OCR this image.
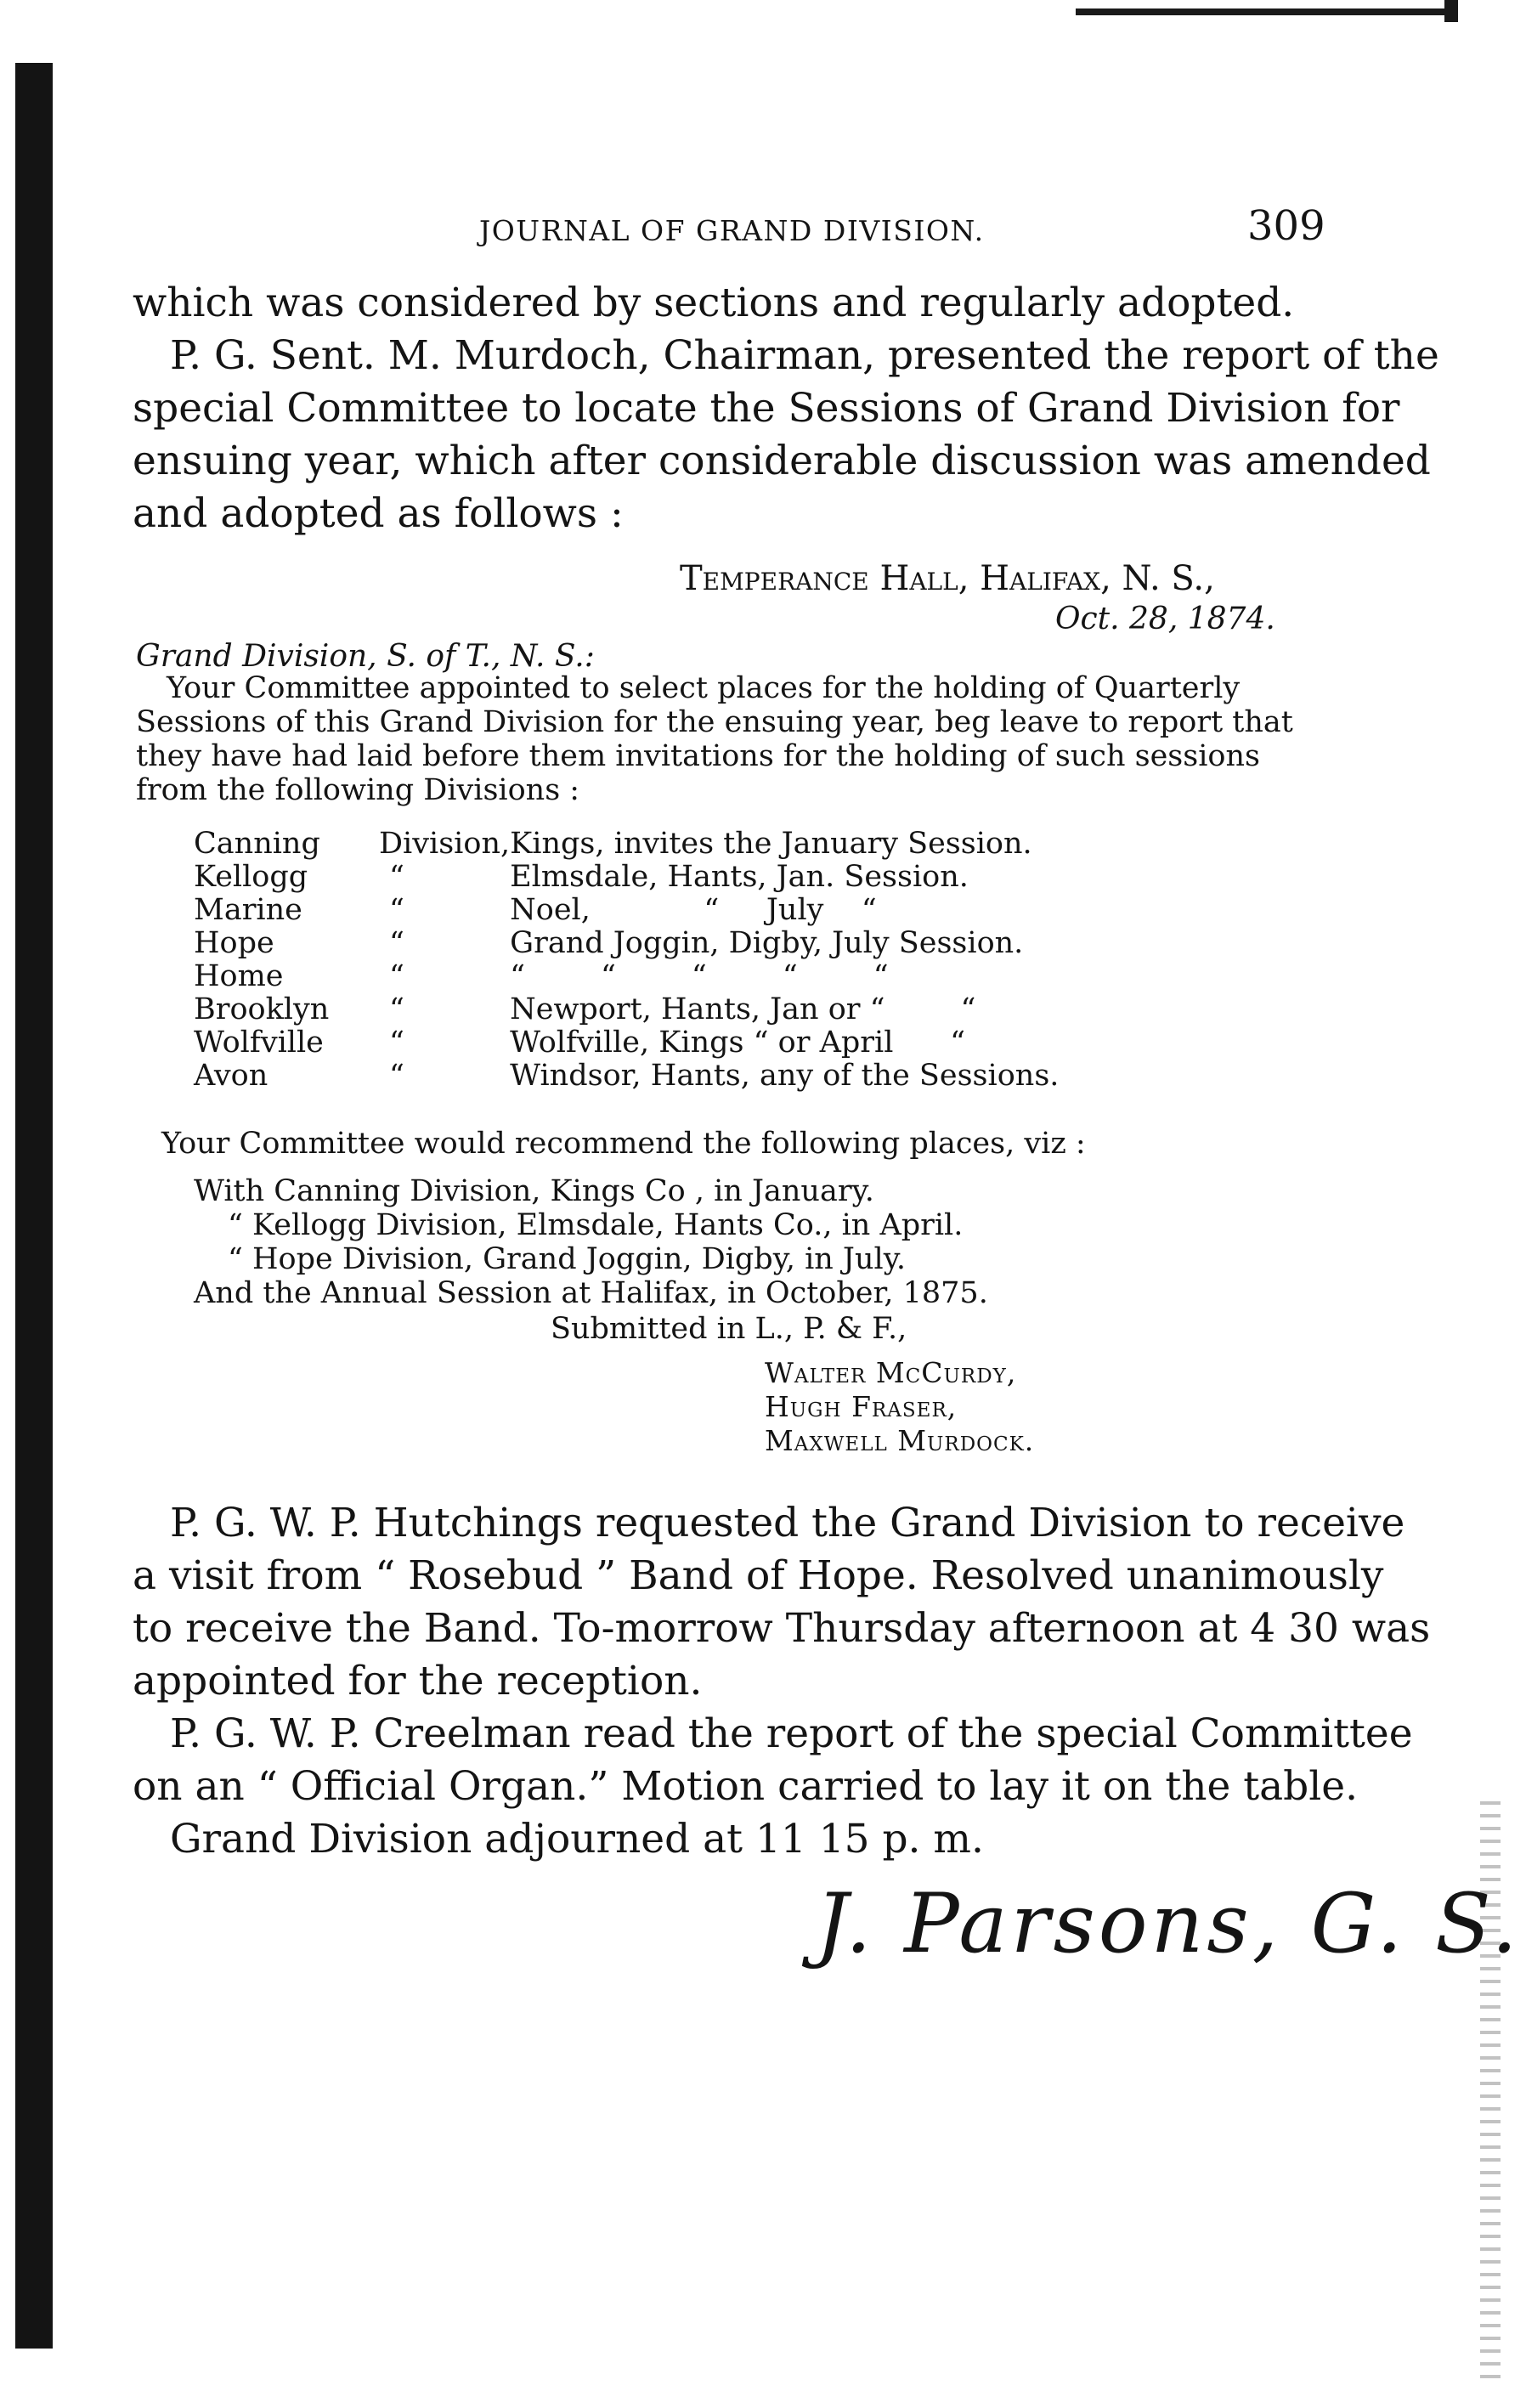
JOURNAL OF GRAND DIVISION.	309

which was considered by sections and regularly adopted.

P. G. Sent. M. Murdoch, Chairman, presented the report of the

special Committee to locate the Sessions of Grand Division for

ensuing year, which after considerable discussion was amended

and adopted as follows :

Temperance Hall, Halifax, N. S.,
Oct. 28, 1874.
Grand Division, S. of T., N. S.:
Your Committee appointed to select places for the holding of Quarterly
Sessions of this Grand Division for the ensuing year, beg leave to report that
they have had laid before them invitations for the holding of such sessions
from the following Divisions :
Canning	Division,	Kings, invites the January Session.
Kellogg	“	Elmsdale, Hants, Jan. Session.
Marine	“	Noel,            “     July    “
Hope	“	Grand Joggin, Digby, July Session.
Home	“	“        “        “        “        “
Brooklyn	“	Newport, Hants, Jan or “        “
Wolfville	“	Wolfville, Kings “ or April      “
Avon	“	Windsor, Hants, any of the Sessions.
Your Committee would recommend the following places, viz :
With Canning Division, Kings Co , in January.
“ Kellogg Division, Elmsdale, Hants Co., in April.
“ Hope Division, Grand Joggin, Digby, in July.
And the Annual Session at Halifax, in October, 1875.
Submitted in L., P. & F.,
Walter McCurdy,
Hugh Fraser,
Maxwell Murdock.

P. G. W. P. Hutchings requested the Grand Division to receive

a visit from “ Rosebud ” Band of Hope. Resolved unanimously

to receive the Band. To-morrow Thursday afternoon at 4 30 was

appointed for the reception.

P. G. W. P. Creelman read the report of the special Committee

on an “ Official Organ.” Motion carried to lay it on the table.

Grand Division adjourned at 11 15 p. m.

J. Parsons, G. S.
